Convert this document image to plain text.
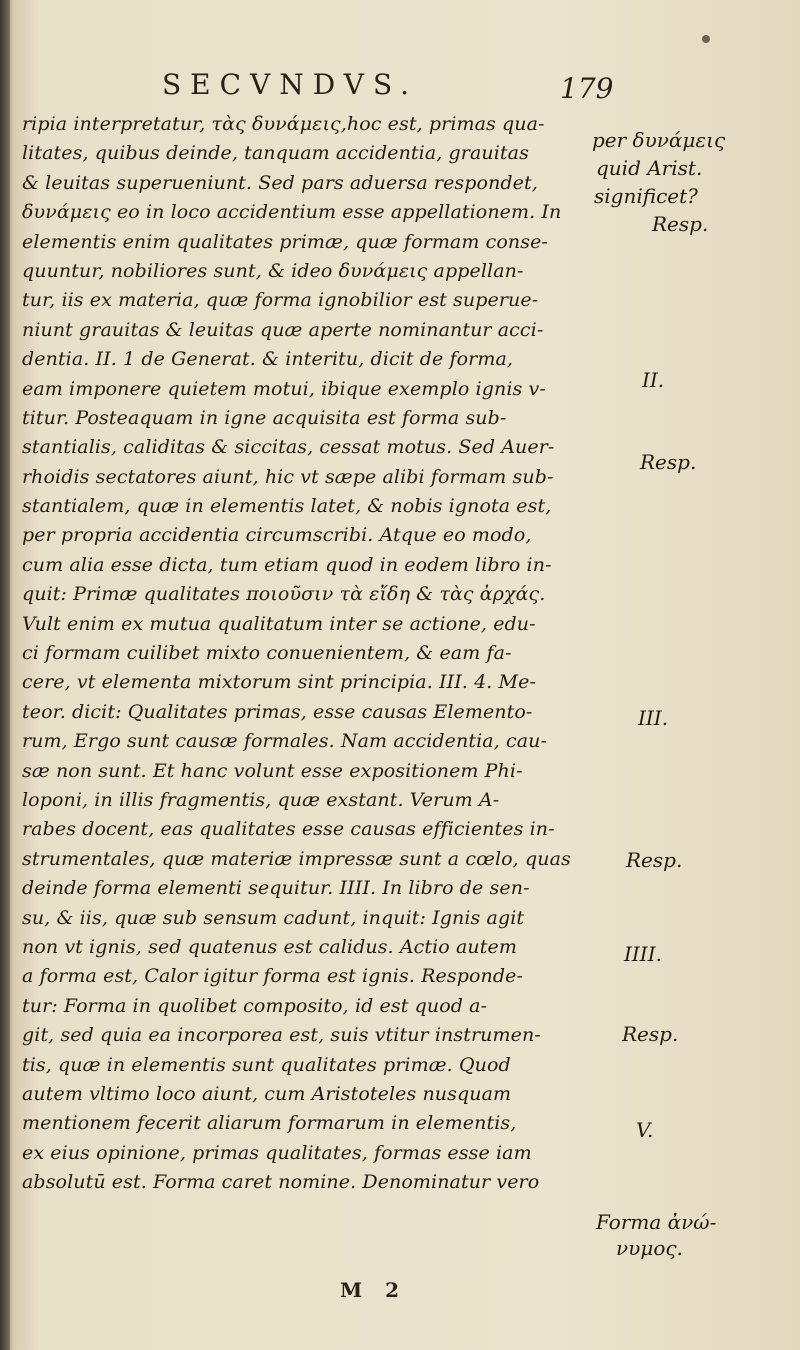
SECVNDVS.	179
ripia interpretatur, τὰς δυνάμεις,hoc est, primas qua-
litates, quibus deinde, tanquam accidentia, grauitas
& leuitas superueniunt. Sed pars aduersa respondet,
δυνάμεις eo in loco accidentium esse appellationem. In
elementis enim qualitates primæ, quæ formam conse-
quuntur, nobiliores sunt, & ideo δυνάμεις appellan-
tur, iis ex materia, quæ forma ignobilior est superue-
niunt grauitas & leuitas quæ aperte nominantur acci-
dentia. II. 1 de Generat. & interitu, dicit de forma,
eam imponere quietem motui, ibique exemplo ignis v-
titur. Posteaquam in igne acquisita est forma sub-
stantialis, caliditas & siccitas, cessat motus. Sed Auer-
rhoidis sectatores aiunt, hic vt sæpe alibi formam sub-
stantialem, quæ in elementis latet, & nobis ignota est,
per propria accidentia circumscribi. Atque eo modo,
cum alia esse dicta, tum etiam quod in eodem libro in-
quit: Primæ qualitates ποιοῦσιν τὰ εἴδη & τὰς ἀρχάς.
Vult enim ex mutua qualitatum inter se actione, edu-
ci formam cuilibet mixto conuenientem, & eam fa-
cere, vt elementa mixtorum sint principia. III. 4. Me-
teor. dicit: Qualitates primas, esse causas Elemento-
rum, Ergo sunt causæ formales. Nam accidentia, cau-
sæ non sunt. Et hanc volunt esse expositionem Phi-
loponi, in illis fragmentis, quæ exstant. Verum A-
rabes docent, eas qualitates esse causas efficientes in-
strumentales, quæ materiæ impressæ sunt a cœlo, quas
deinde forma elementi sequitur. IIII. In libro de sen-
su, & iis, quæ sub sensum cadunt, inquit: Ignis agit
non vt ignis, sed quatenus est calidus. Actio autem
a forma est, Calor igitur forma est ignis. Responde-
tur: Forma in quolibet composito, id est quod a-
git, sed quia ea incorporea est, suis vtitur instrumen-
tis, quæ in elementis sunt qualitates primæ. Quod
autem vltimo loco aiunt, cum Aristoteles nusquam
mentionem fecerit aliarum formarum in elementis,
ex eius opinione, primas qualitates, formas esse iam
absolutū est. Forma caret nomine. Denominatur vero
per δυνάμεις
quid Arist.
significet?
Resp.
II.
Resp.
III.
Resp.
IIII.
Resp.
V.
Forma ἀνώ-
νυμος.
M 2
